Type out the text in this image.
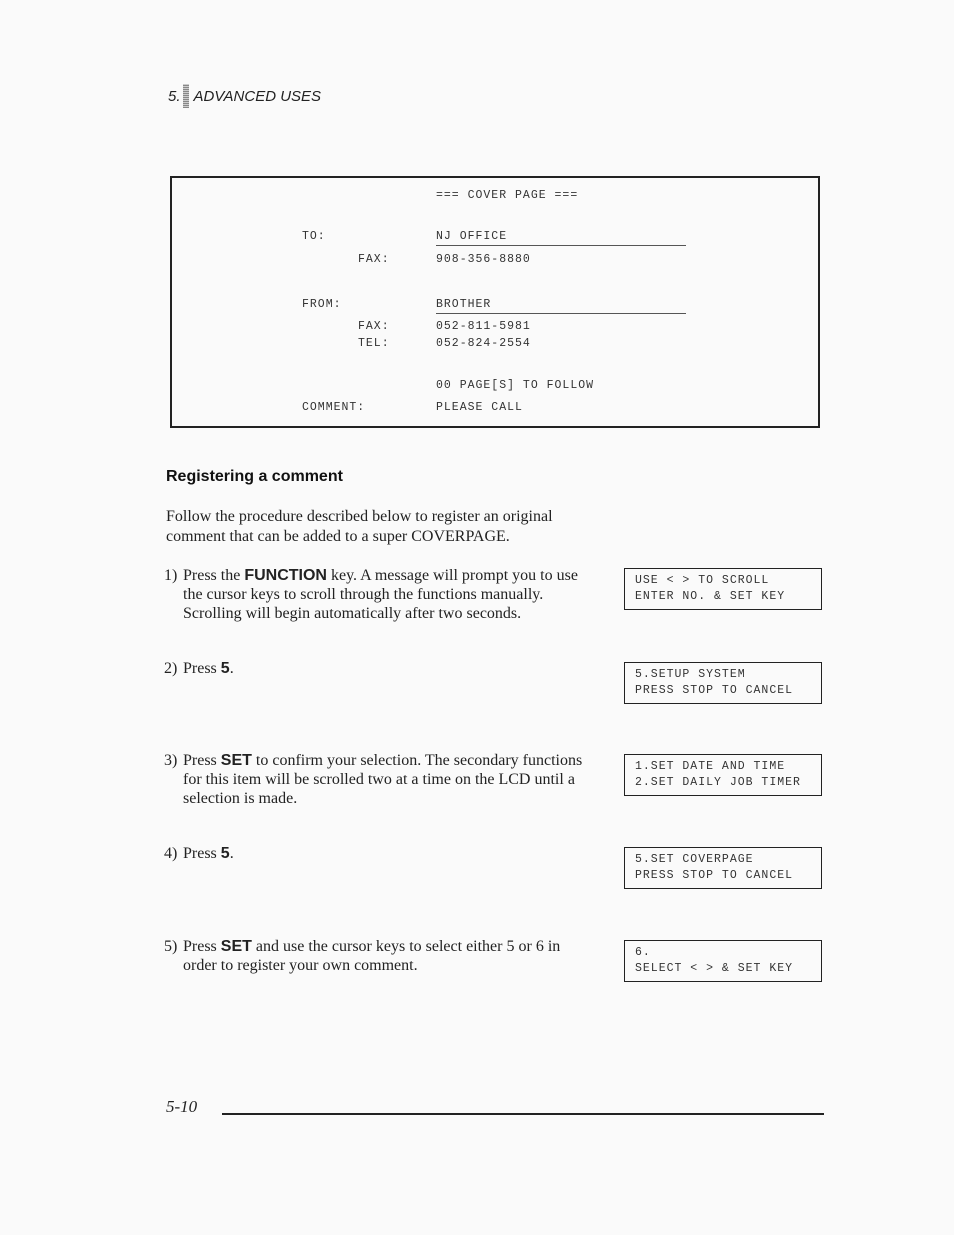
5. ADVANCED USES
=== COVER PAGE ===
TO:	NJ OFFICE
FAX:	908-356-8880
FROM:	BROTHER
FAX:	052-811-5981
TEL:	052-824-2554
00 PAGE[S] TO FOLLOW
COMMENT:	PLEASE CALL
Registering a comment

Follow the procedure described below to register an original comment that can be added to a super COVERPAGE.

1) Press the FUNCTION key. A message will prompt you to use the cursor keys to scroll through the functions manually. Scrolling will begin automatically after two seconds.
USE < > TO SCROLL
ENTER NO. & SET KEY
2) Press 5.	5.SETUP SYSTEM
PRESS STOP TO CANCEL
3) Press SET to confirm your selection. The secondary functions for this item will be scrolled two at a time on the LCD until a selection is made.
1.SET DATE AND TIME
2.SET DAILY JOB TIMER
4) Press 5.	5.SET COVERPAGE
PRESS STOP TO CANCEL
5) Press SET and use the cursor keys to select either 5 or 6 in order to register your own comment.
6.
SELECT < > & SET KEY
5-10
